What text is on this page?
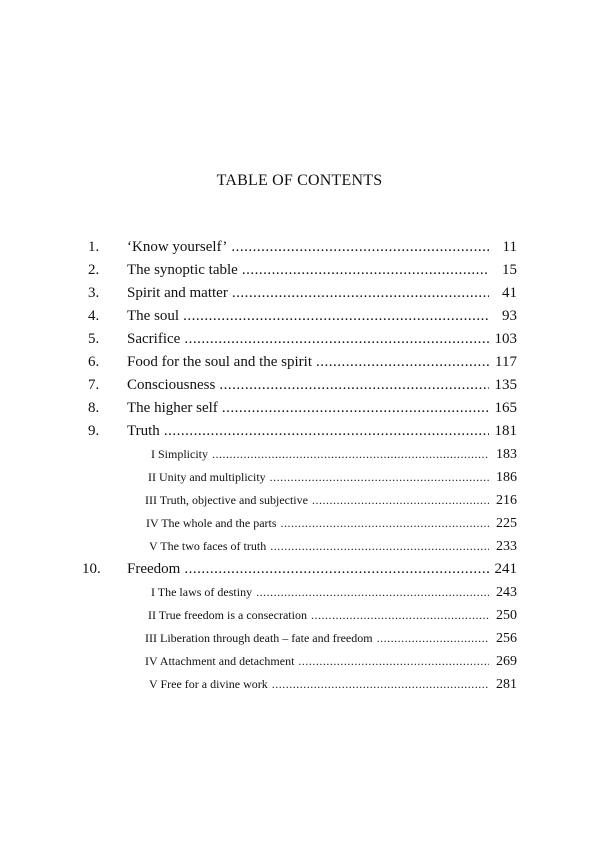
TABLE OF CONTENTS
1.	‘Know yourself’ .....	11
2.	The synoptic table .....	15
3.	Spirit and matter .....	41
4.	The soul .....	93
5.	Sacrifice .....	103
6.	Food for the soul and the spirit .....	117
7.	Consciousness .....	135
8.	The higher self .....	165
9.	Truth .....	181
I Simplicity .....	183
II Unity and multiplicity .....	186
III Truth, objective and subjective .....	216
IV The whole and the parts .....	225
V The two faces of truth .....	233
10.	Freedom .....	241
I The laws of destiny .....	243
II True freedom is a consecration .....	250
III Liberation through death – fate and freedom .....	256
IV Attachment and detachment .....	269
V Free for a divine work .....	281
